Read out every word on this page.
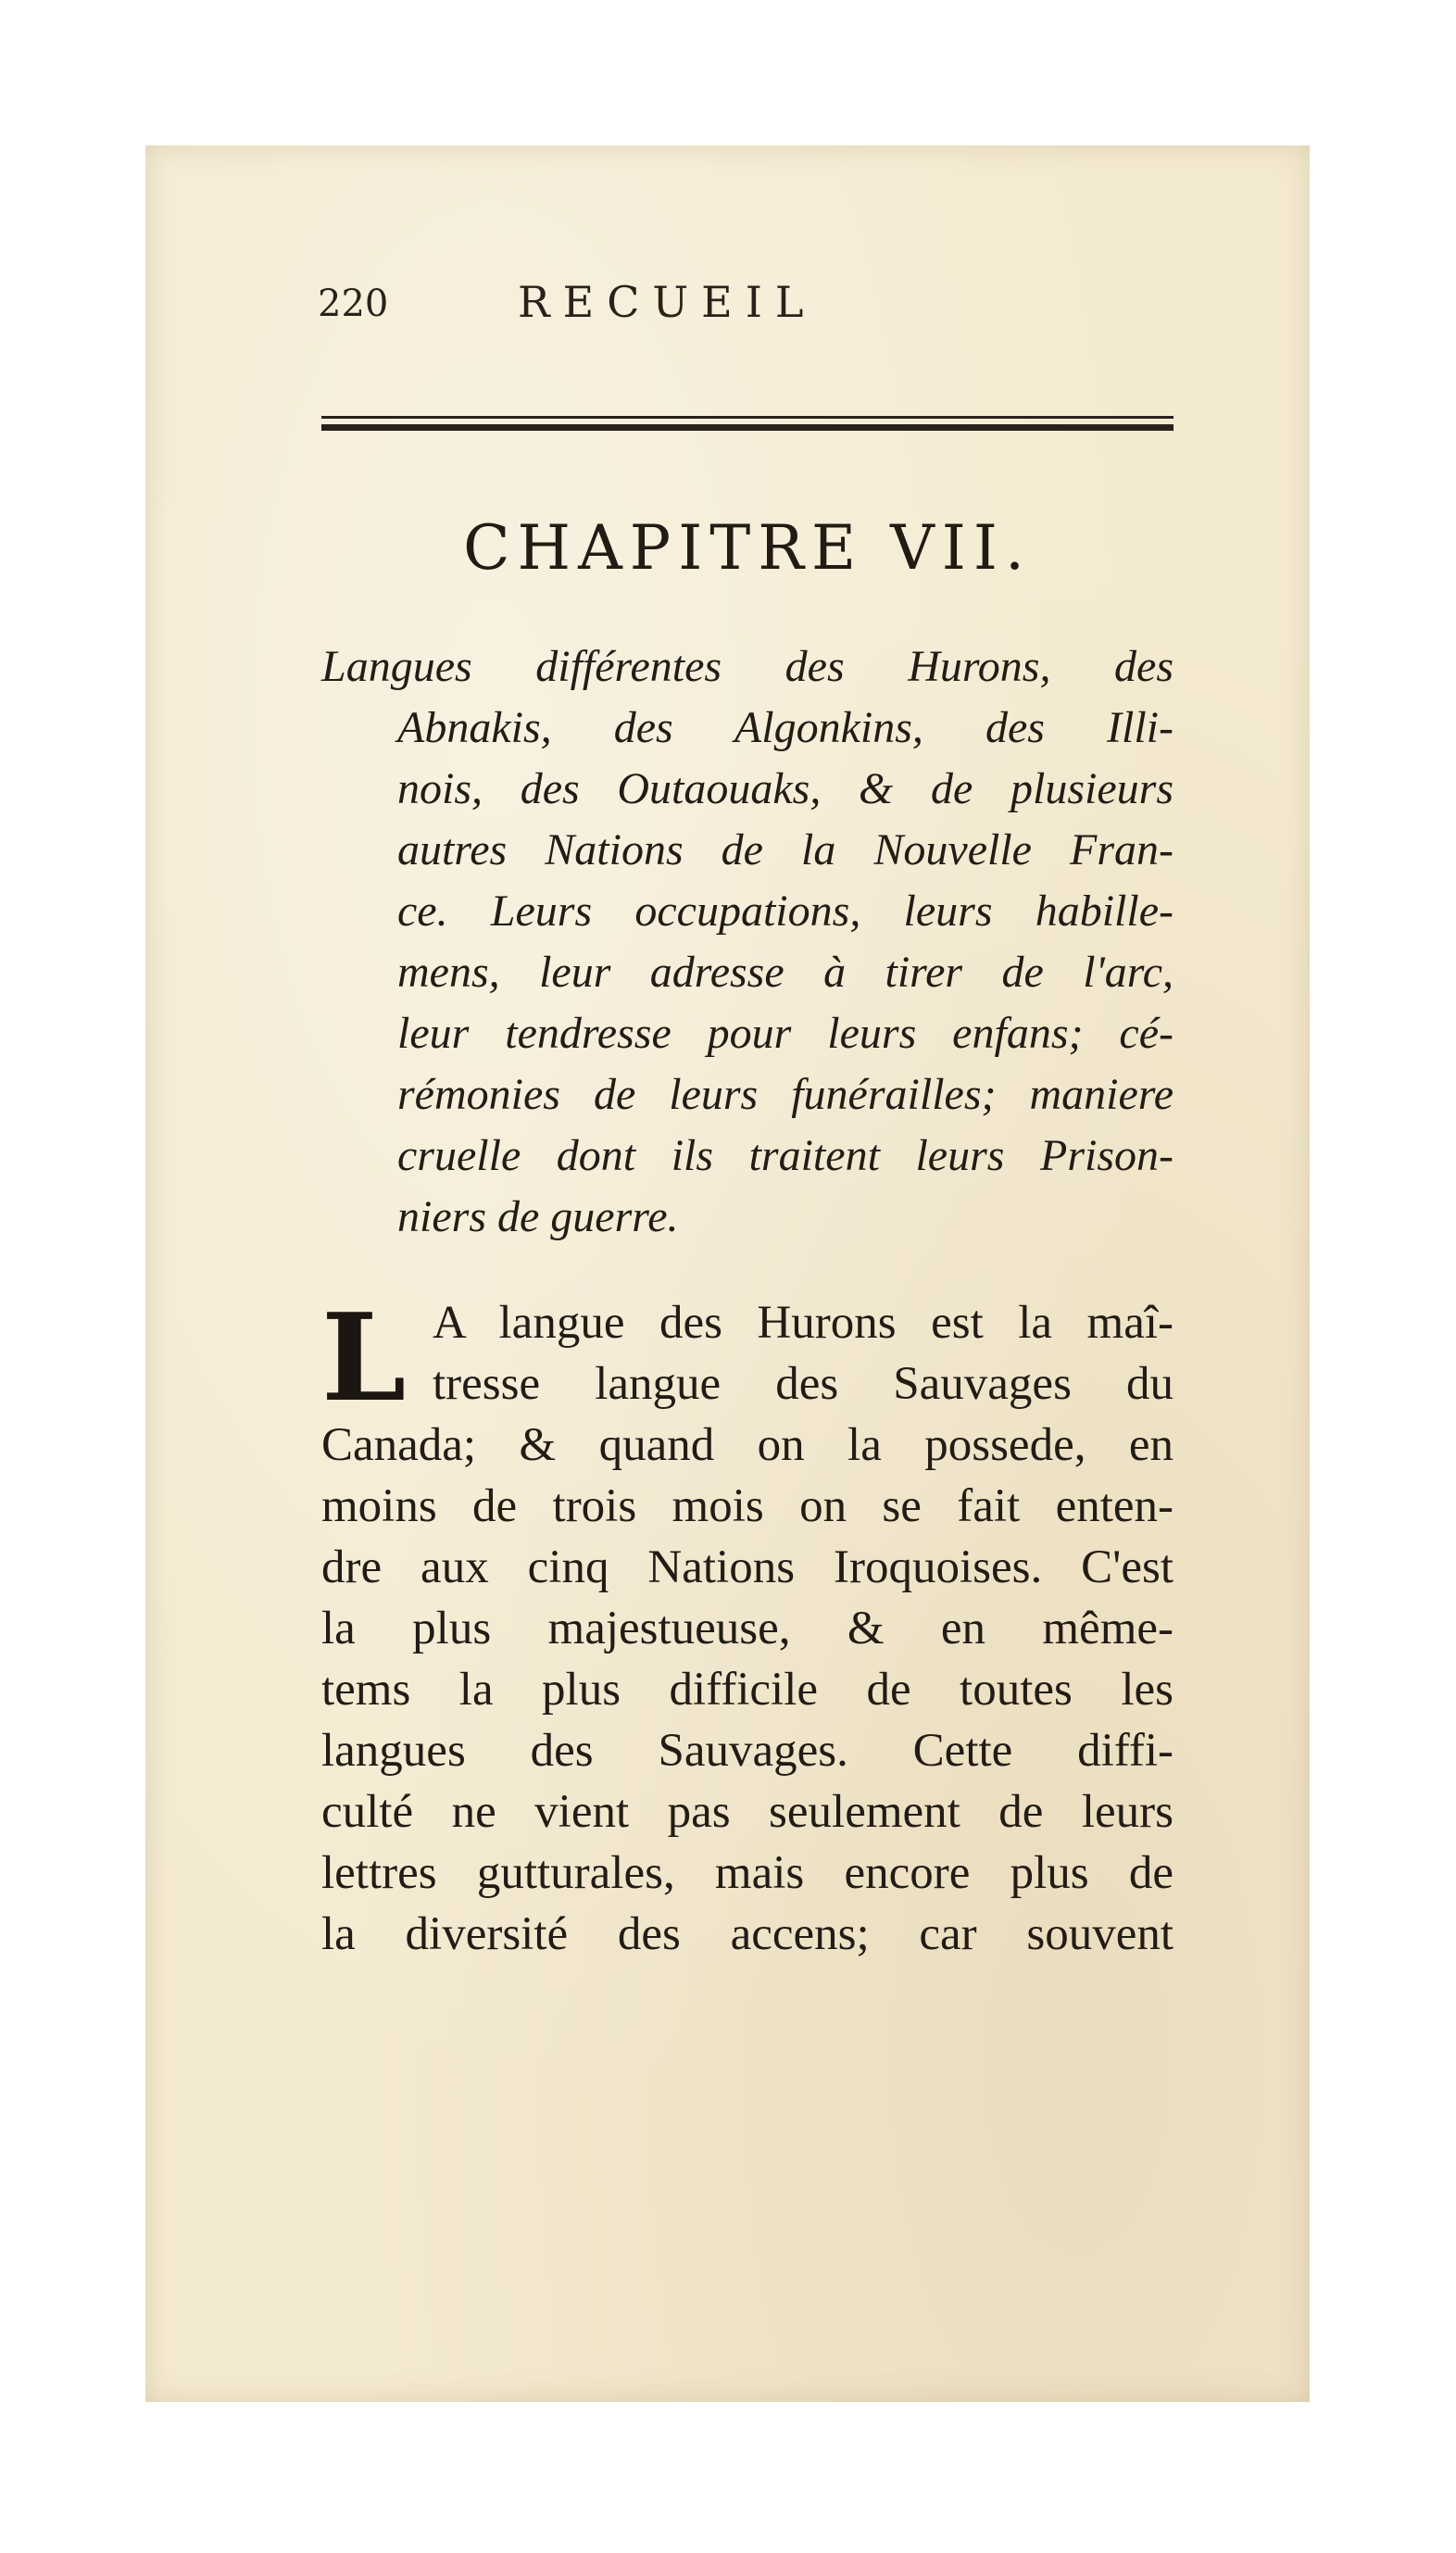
220	RECUEIL
CHAPITRE VII.
Langues différentes des Hurons, des
Abnakis, des Algonkins, des Illi-
nois, des Outaouaks, & de plusieurs
autres Nations de la Nouvelle Fran-
ce. Leurs occupations, leurs habille-
mens, leur adresse à tirer de l'arc,
leur tendresse pour leurs enfans; cé-
rémonies de leurs funérailles; maniere
cruelle dont ils traitent leurs Prison-
niers de guerre.
L A langue des Hurons est la maî-
tresse langue des Sauvages du
Canada; & quand on la possede, en
moins de trois mois on se fait enten-
dre aux cinq Nations Iroquoises. C'est
la plus majestueuse, & en même-
tems la plus difficile de toutes les
langues des Sauvages. Cette diffi-
culté ne vient pas seulement de leurs
lettres gutturales, mais encore plus de
la diversité des accens; car souvent
